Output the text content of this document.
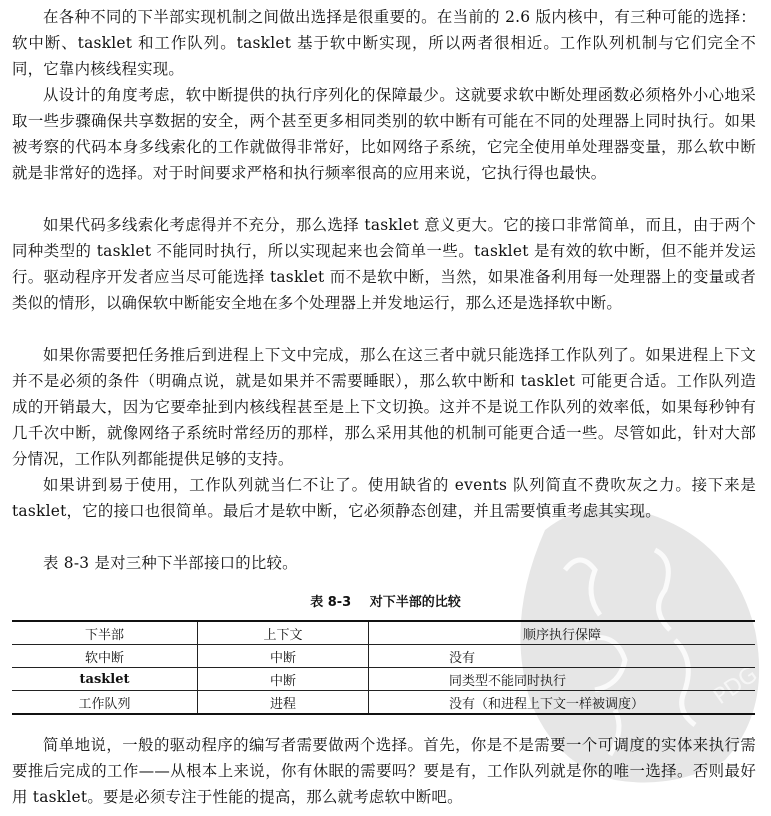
PDG

在各种不同的下半部实现机制之间做出选择是很重要的。在当前的 2.6 版内核中，有三种可能的选择：软中断、tasklet 和工作队列。tasklet 基于软中断实现，所以两者很相近。工作队列机制与它们完全不同，它靠内核线程实现。

从设计的角度考虑，软中断提供的执行序列化的保障最少。这就要求软中断处理函数必须格外小心地采取一些步骤确保共享数据的安全，两个甚至更多相同类别的软中断有可能在不同的处理器上同时执行。如果被考察的代码本身多线索化的工作就做得非常好，比如网络子系统，它完全使用单处理器变量，那么软中断就是非常好的选择。对于时间要求严格和执行频率很高的应用来说，它执行得也最快。

如果代码多线索化考虑得并不充分，那么选择 tasklet 意义更大。它的接口非常简单，而且，由于两个同种类型的 tasklet 不能同时执行，所以实现起来也会简单一些。tasklet 是有效的软中断，但不能并发运行。驱动程序开发者应当尽可能选择 tasklet 而不是软中断，当然，如果准备利用每一处理器上的变量或者类似的情形，以确保软中断能安全地在多个处理器上并发地运行，那么还是选择软中断。

如果你需要把任务推后到进程上下文中完成，那么在这三者中就只能选择工作队列了。如果进程上下文并不是必须的条件（明确点说，就是如果并不需要睡眠），那么软中断和 tasklet 可能更合适。工作队列造成的开销最大，因为它要牵扯到内核线程甚至是上下文切换。这并不是说工作队列的效率低，如果每秒钟有几千次中断，就像网络子系统时常经历的那样，那么采用其他的机制可能更合适一些。尽管如此，针对大部分情况，工作队列都能提供足够的支持。

如果讲到易于使用，工作队列就当仁不让了。使用缺省的 events 队列简直不费吹灰之力。接下来是 tasklet，它的接口也很简单。最后才是软中断，它必须静态创建，并且需要慎重考虑其实现。

表 8-3 是对三种下半部接口的比较。

表 8-3 对下半部的比较
下半部	上下文	顺序执行保障
软中断	中断	没有
tasklet	中断	同类型不能同时执行
工作队列	进程	没有（和进程上下文一样被调度）

简单地说，一般的驱动程序的编写者需要做两个选择。首先，你是不是需要一个可调度的实体来执行需要推后完成的工作——从根本上来说，你有休眠的需要吗？要是有，工作队列就是你的唯一选择。否则最好用 tasklet。要是必须专注于性能的提高，那么就考虑软中断吧。
